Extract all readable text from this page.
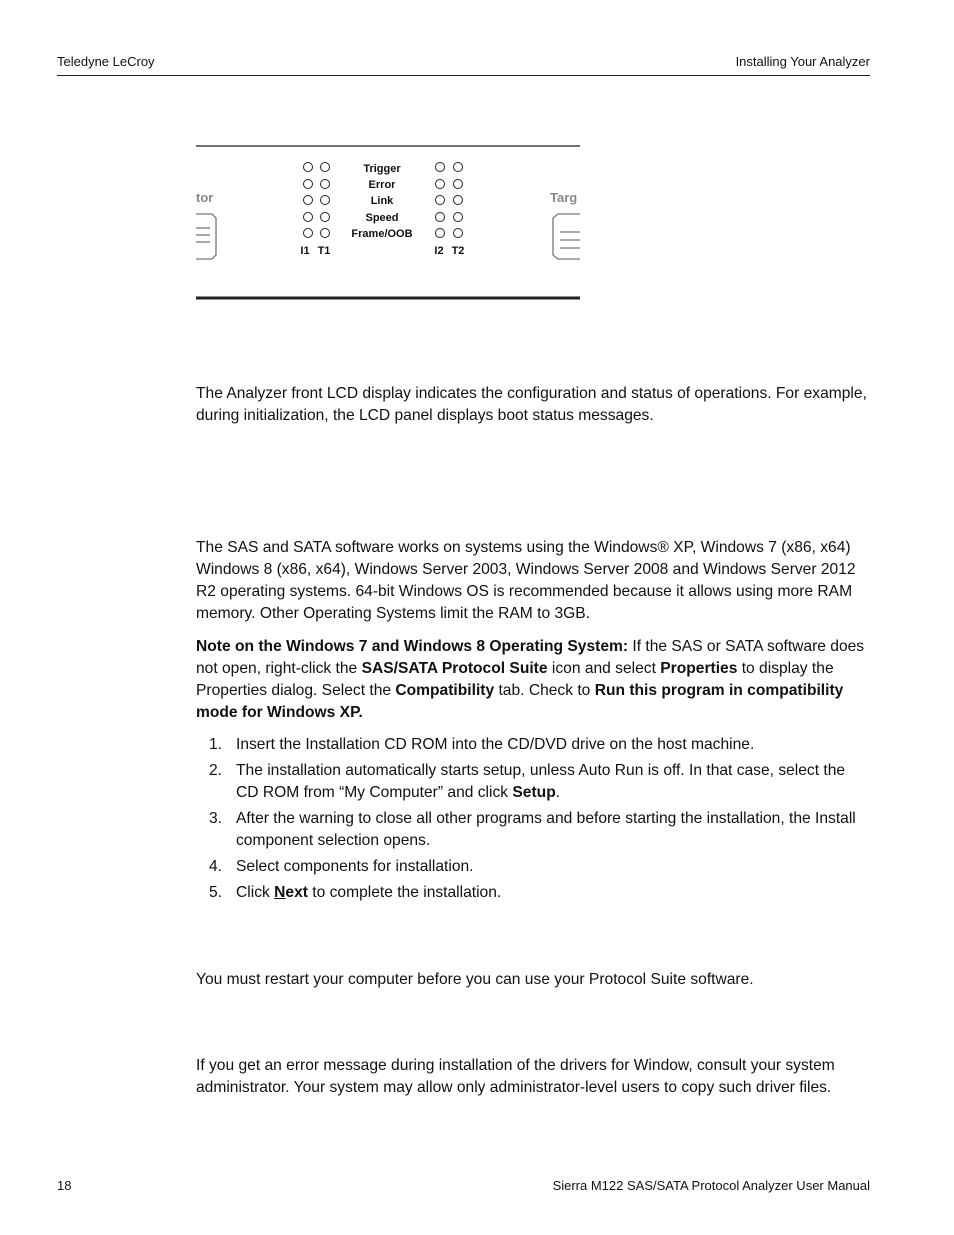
Teledyne LeCroy	Installing Your Analyzer
tor	Targ
Trigger
Error
Link
Speed
Frame/OOB
I1 T1	I2 T2

The Analyzer front LCD display indicates the configuration and status of operations. For example, during initialization, the LCD panel displays boot status messages.

The SAS and SATA software works on systems using the Windows® XP, Windows 7 (x86, x64) Windows 8 (x86, x64), Windows Server 2003, Windows Server 2008 and Windows Server 2012 R2 operating systems. 64-bit Windows OS is recommended because it allows using more RAM memory. Other Operating Systems limit the RAM to 3GB.

Note on the Windows 7 and Windows 8 Operating System: If the SAS or SATA software does not open, right-click the SAS/SATA Protocol Suite icon and select Properties to display the Properties dialog. Select the Compatibility tab. Check to Run this program in compatibility mode for Windows XP.

1. Insert the Installation CD ROM into the CD/DVD drive on the host machine.
2. The installation automatically starts setup, unless Auto Run is off. In that case, select the CD ROM from “My Computer” and click Setup.
3. After the warning to close all other programs and before starting the installation, the Install component selection opens.
4. Select components for installation.
5. Click Next to complete the installation.

You must restart your computer before you can use your Protocol Suite software.

If you get an error message during installation of the drivers for Window, consult your system administrator. Your system may allow only administrator-level users to copy such driver files.

18	Sierra M122 SAS/SATA Protocol Analyzer User Manual
